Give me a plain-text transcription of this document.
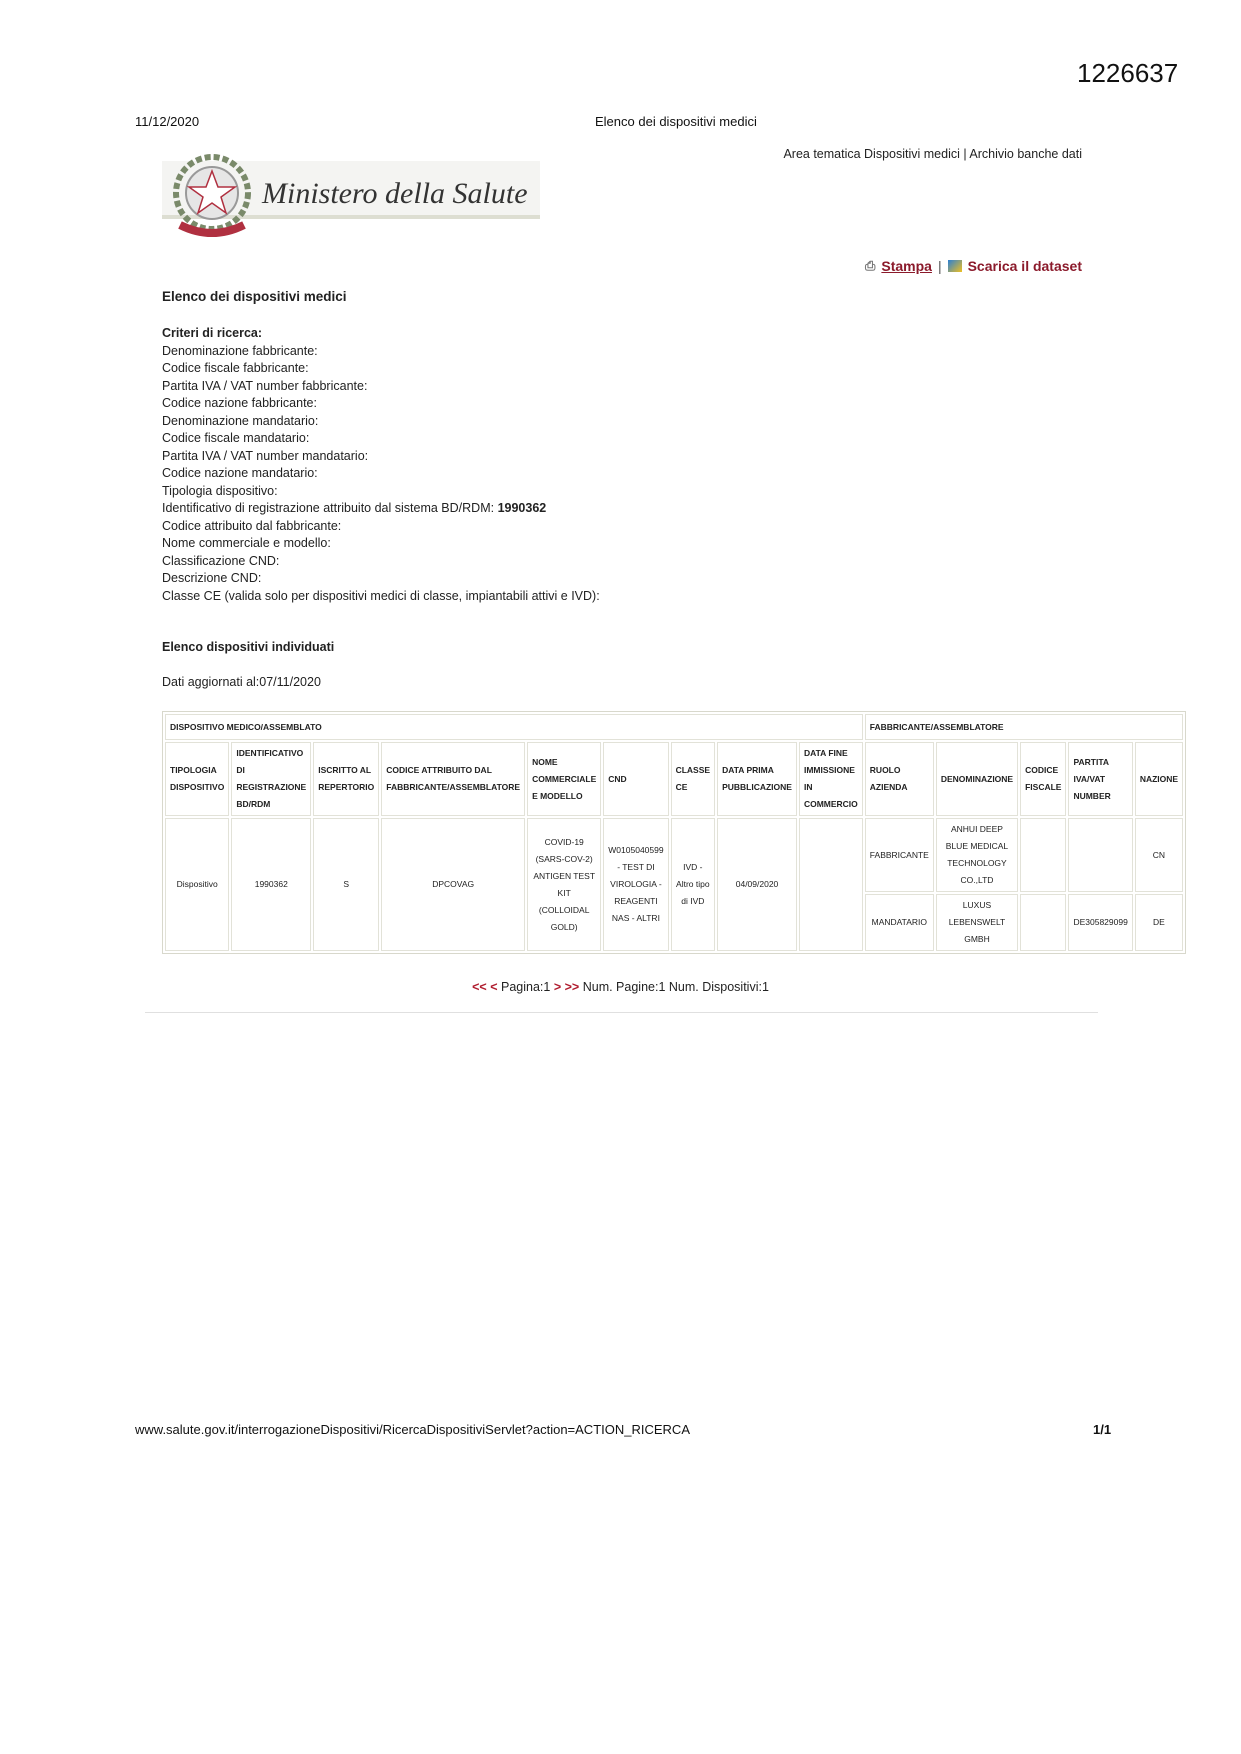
1226637
11/12/2020	Elenco dei dispositivi medici
Area tematica Dispositivi medici | Archivio banche dati
Ministero della Salute
⎙ Stampa | Scarica il dataset
Elenco dei dispositivi medici
Criteri di ricerca:
Denominazione fabbricante:
Codice fiscale fabbricante:
Partita IVA / VAT number fabbricante:
Codice nazione fabbricante:
Denominazione mandatario:
Codice fiscale mandatario:
Partita IVA / VAT number mandatario:
Codice nazione mandatario:
Tipologia dispositivo:
Identificativo di registrazione attribuito dal sistema BD/RDM: 1990362
Codice attribuito dal fabbricante:
Nome commerciale e modello:
Classificazione CND:
Descrizione CND:
Classe CE (valida solo per dispositivi medici di classe, impiantabili attivi e IVD):
Elenco dispositivi individuati
Dati aggiornati al:07/11/2020
DISPOSITIVO MEDICO/ASSEMBLATO									FABBRICANTE/ASSEMBLATORE				
TIPOLOGIA DISPOSITIVO	IDENTIFICATIVO DI REGISTRAZIONE BD/RDM	ISCRITTO AL REPERTORIO	CODICE ATTRIBUITO DAL FABBRICANTE/ASSEMBLATORE	NOME COMMERCIALE E MODELLO	CND	CLASSE CE	DATA PRIMA PUBBLICAZIONE	DATA FINE IMMISSIONE IN COMMERCIO	RUOLO AZIENDA	DENOMINAZIONE	CODICE FISCALE	PARTITA IVA/VAT NUMBER	NAZIONE
Dispositivo	1990362	S	DPCOVAG	COVID-19 (SARS-COV-2) ANTIGEN TEST KIT (COLLOIDAL GOLD)	W0105040599 - TEST DI VIROLOGIA - REAGENTI NAS - ALTRI	IVD - Altro tipo di IVD	04/09/2020		FABBRICANTE	ANHUI DEEP BLUE MEDICAL TECHNOLOGY CO.,LTD			CN
									MANDATARIO	LUXUS LEBENSWELT GMBH		DE305829099	DE
<< < Pagina:1 > >> Num. Pagine:1 Num. Dispositivi:1
www.salute.gov.it/interrogazioneDispositivi/RicercaDispositiviServlet?action=ACTION_RICERCA	1/1
